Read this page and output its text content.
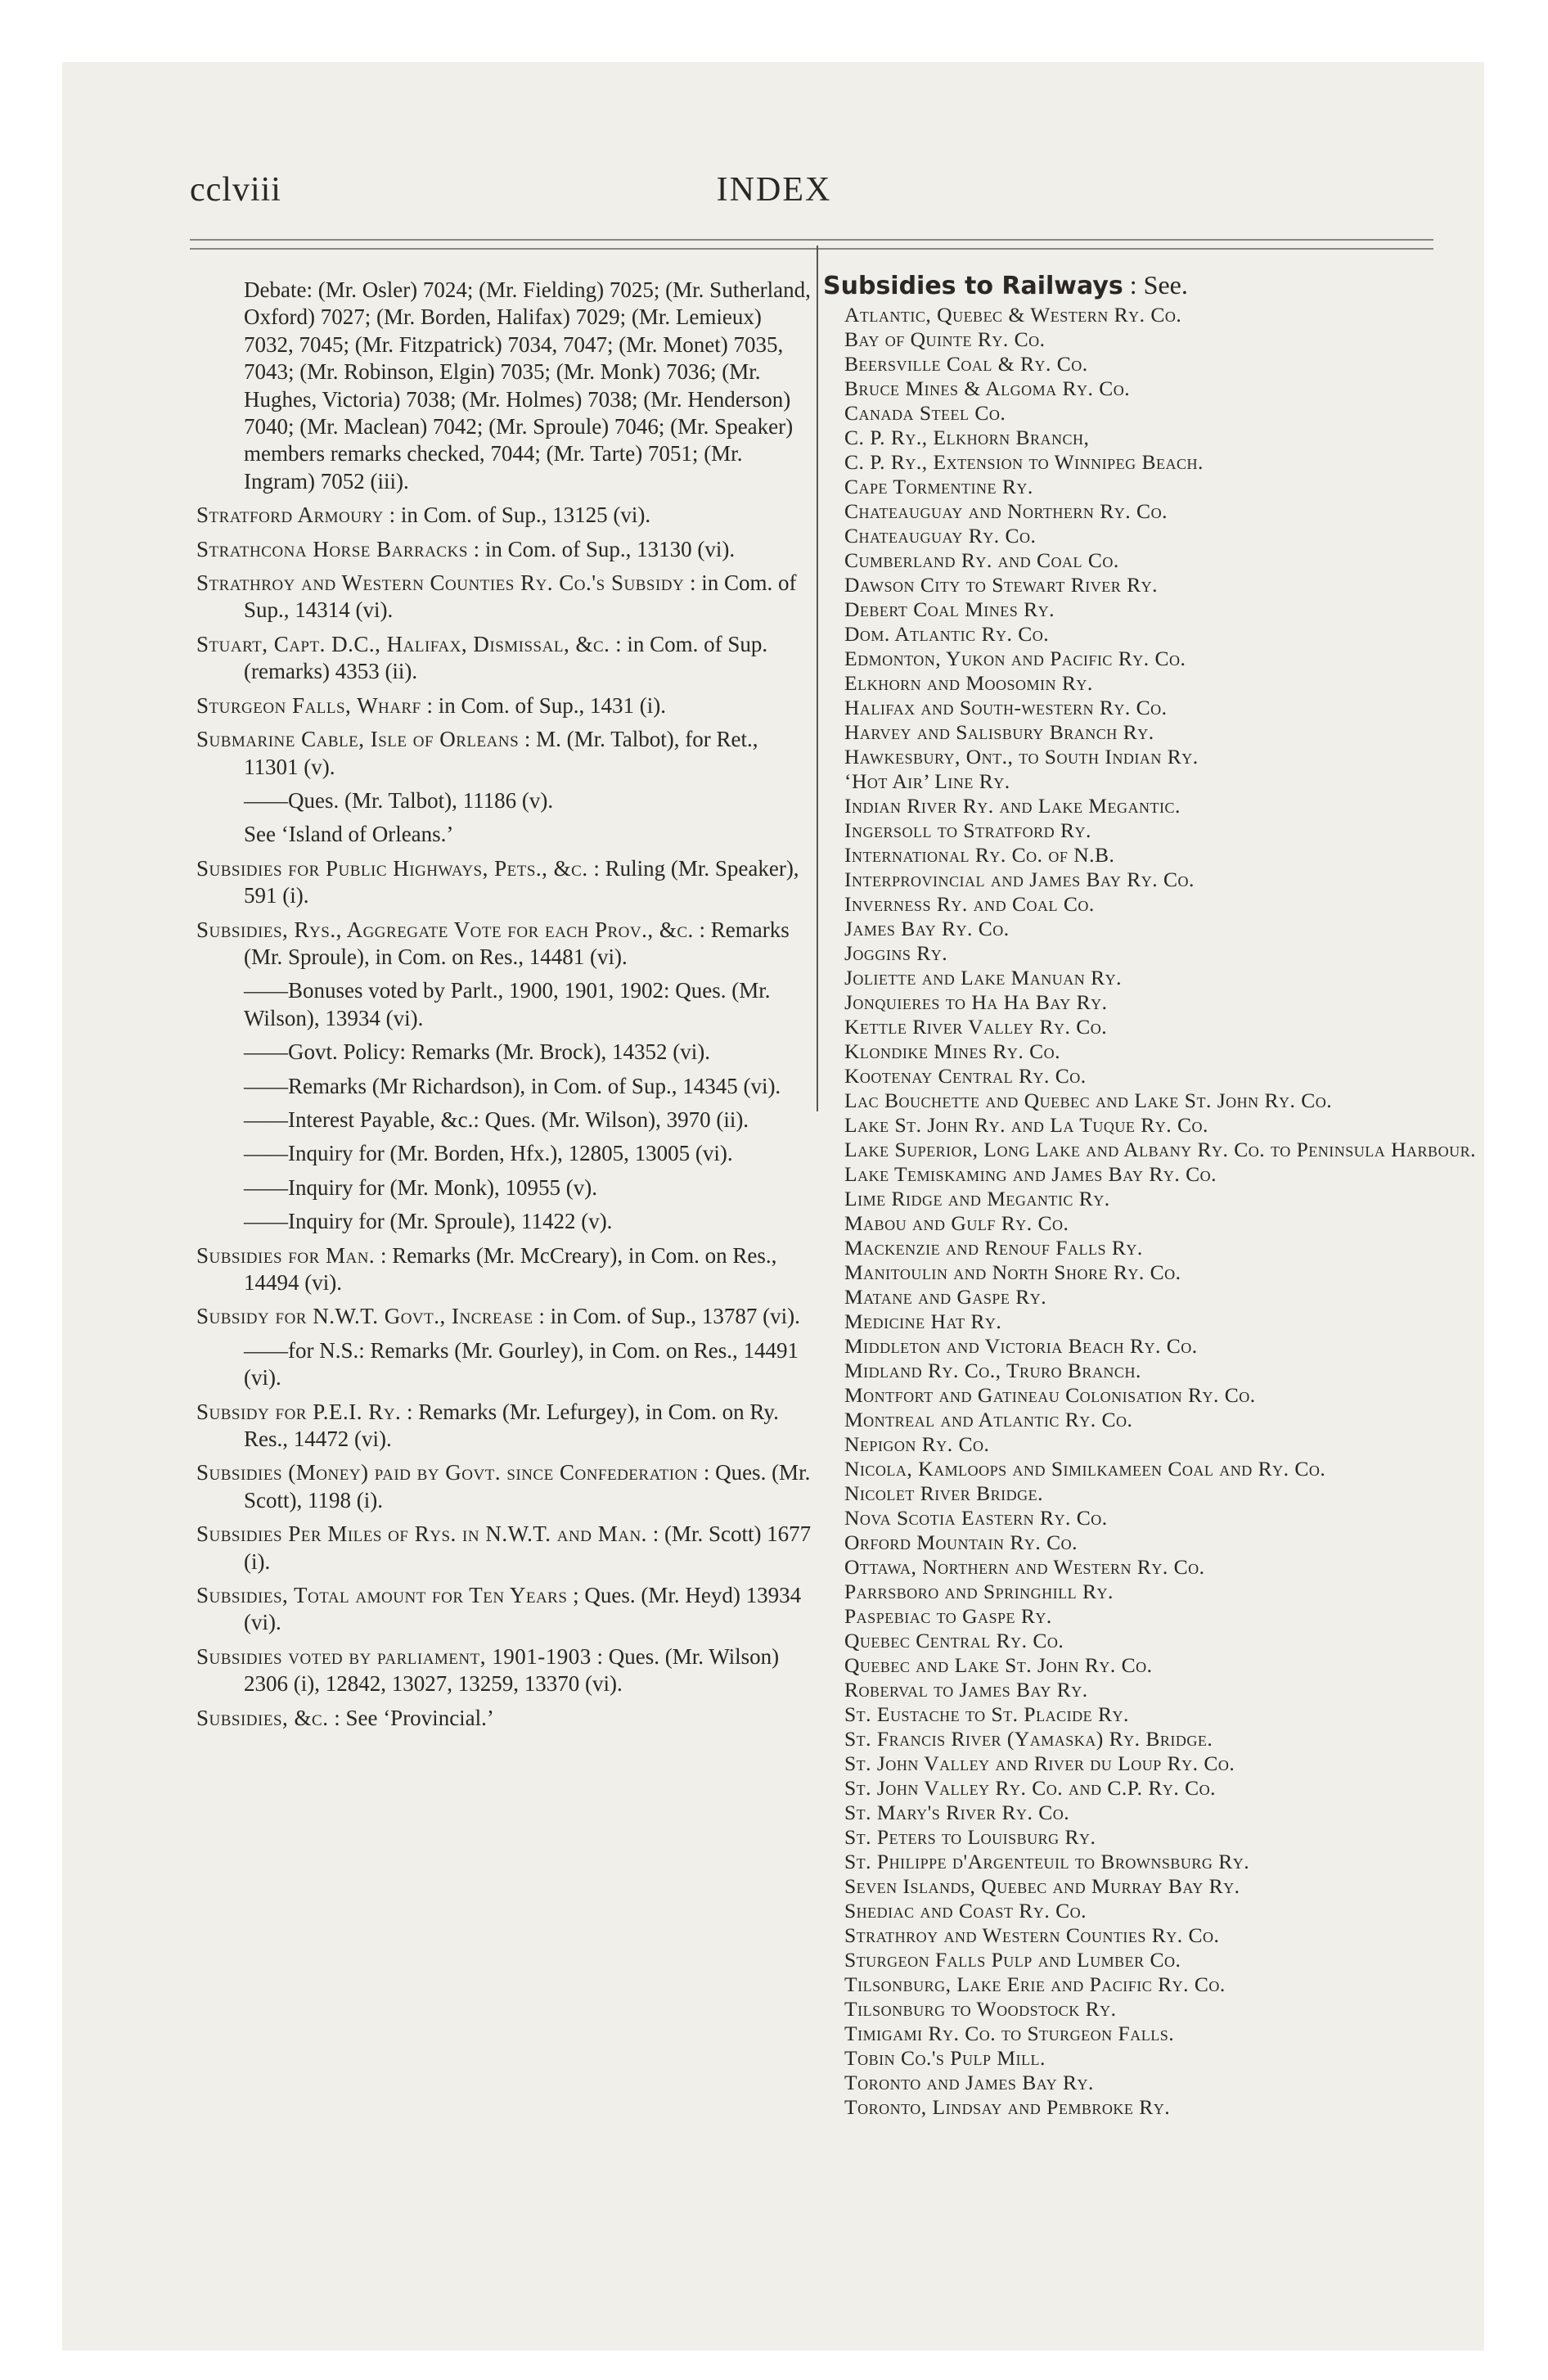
cclviii	INDEX
Debate: (Mr. Osler) 7024; (Mr. Fielding) 7025; (Mr. Sutherland, Oxford) 7027; (Mr. Borden, Halifax) 7029; (Mr. Lemieux) 7032, 7045; (Mr. Fitzpatrick) 7034, 7047; (Mr. Monet) 7035, 7043; (Mr. Robinson, Elgin) 7035; (Mr. Monk) 7036; (Mr. Hughes, Victoria) 7038; (Mr. Holmes) 7038; (Mr. Henderson) 7040; (Mr. Maclean) 7042; (Mr. Sproule) 7046; (Mr. Speaker) members remarks checked, 7044; (Mr. Tarte) 7051; (Mr. Ingram) 7052 (iii).
Stratford Armoury : in Com. of Sup., 13125 (vi).
Strathcona Horse Barracks : in Com. of Sup., 13130 (vi).
Strathroy and Western Counties Ry. Co.'s Subsidy : in Com. of Sup., 14314 (vi).
Stuart, Capt. D.C., Halifax, Dismissal, &c. : in Com. of Sup. (remarks) 4353 (ii).
Sturgeon Falls, Wharf : in Com. of Sup., 1431 (i).
Submarine Cable, Isle of Orleans : M. (Mr. Talbot), for Ret., 11301 (v).
——Ques. (Mr. Talbot), 11186 (v).
See ‘Island of Orleans.’
Subsidies for Public Highways, Pets., &c. : Ruling (Mr. Speaker), 591 (i).
Subsidies, Rys., Aggregate Vote for each Prov., &c. : Remarks (Mr. Sproule), in Com. on Res., 14481 (vi).
——Bonuses voted by Parlt., 1900, 1901, 1902: Ques. (Mr. Wilson), 13934 (vi).
——Govt. Policy: Remarks (Mr. Brock), 14352 (vi).
——Remarks (Mr Richardson), in Com. of Sup., 14345 (vi).
——Interest Payable, &c.: Ques. (Mr. Wilson), 3970 (ii).
——Inquiry for (Mr. Borden, Hfx.), 12805, 13005 (vi).
——Inquiry for (Mr. Monk), 10955 (v).
——Inquiry for (Mr. Sproule), 11422 (v).
Subsidies for Man. : Remarks (Mr. McCreary), in Com. on Res., 14494 (vi).
Subsidy for N.W.T. Govt., Increase : in Com. of Sup., 13787 (vi).
——for N.S.: Remarks (Mr. Gourley), in Com. on Res., 14491 (vi).
Subsidy for P.E.I. Ry. : Remarks (Mr. Lefurgey), in Com. on Ry. Res., 14472 (vi).
Subsidies (Money) paid by Govt. since Confederation : Ques. (Mr. Scott), 1198 (i).
Subsidies Per Miles of Rys. in N.W.T. and Man. : (Mr. Scott) 1677 (i).
Subsidies, Total amount for Ten Years ; Ques. (Mr. Heyd) 13934 (vi).
Subsidies voted by parliament, 1901-1903 : Ques. (Mr. Wilson) 2306 (i), 12842, 13027, 13259, 13370 (vi).
Subsidies, &c. : See ‘Provincial.’
Subsidies to Railways : See.
Atlantic, Quebec & Western Ry. Co.
Bay of Quinte Ry. Co.
Beersville Coal & Ry. Co.
Bruce Mines & Algoma Ry. Co.
Canada Steel Co.
C. P. Ry., Elkhorn Branch,
C. P. Ry., Extension to Winnipeg Beach.
Cape Tormentine Ry.
Chateauguay and Northern Ry. Co.
Chateauguay Ry. Co.
Cumberland Ry. and Coal Co.
Dawson City to Stewart River Ry.
Debert Coal Mines Ry.
Dom. Atlantic Ry. Co.
Edmonton, Yukon and Pacific Ry. Co.
Elkhorn and Moosomin Ry.
Halifax and South-western Ry. Co.
Harvey and Salisbury Branch Ry.
Hawkesbury, Ont., to South Indian Ry.
‘Hot Air’ Line Ry.
Indian River Ry. and Lake Megantic.
Ingersoll to Stratford Ry.
International Ry. Co. of N.B.
Interprovincial and James Bay Ry. Co.
Inverness Ry. and Coal Co.
James Bay Ry. Co.
Joggins Ry.
Joliette and Lake Manuan Ry.
Jonquieres to Ha Ha Bay Ry.
Kettle River Valley Ry. Co.
Klondike Mines Ry. Co.
Kootenay Central Ry. Co.
Lac Bouchette and Quebec and Lake St. John Ry. Co.
Lake St. John Ry. and La Tuque Ry. Co.
Lake Superior, Long Lake and Albany Ry. Co. to Peninsula Harbour.
Lake Temiskaming and James Bay Ry. Co.
Lime Ridge and Megantic Ry.
Mabou and Gulf Ry. Co.
Mackenzie and Renouf Falls Ry.
Manitoulin and North Shore Ry. Co.
Matane and Gaspe Ry.
Medicine Hat Ry.
Middleton and Victoria Beach Ry. Co.
Midland Ry. Co., Truro Branch.
Montfort and Gatineau Colonisation Ry. Co.
Montreal and Atlantic Ry. Co.
Nepigon Ry. Co.
Nicola, Kamloops and Similkameen Coal and Ry. Co.
Nicolet River Bridge.
Nova Scotia Eastern Ry. Co.
Orford Mountain Ry. Co.
Ottawa, Northern and Western Ry. Co.
Parrsboro and Springhill Ry.
Paspebiac to Gaspe Ry.
Quebec Central Ry. Co.
Quebec and Lake St. John Ry. Co.
Roberval to James Bay Ry.
St. Eustache to St. Placide Ry.
St. Francis River (Yamaska) Ry. Bridge.
St. John Valley and River du Loup Ry. Co.
St. John Valley Ry. Co. and C.P. Ry. Co.
St. Mary's River Ry. Co.
St. Peters to Louisburg Ry.
St. Philippe d'Argenteuil to Brownsburg Ry.
Seven Islands, Quebec and Murray Bay Ry.
Shediac and Coast Ry. Co.
Strathroy and Western Counties Ry. Co.
Sturgeon Falls Pulp and Lumber Co.
Tilsonburg, Lake Erie and Pacific Ry. Co.
Tilsonburg to Woodstock Ry.
Timigami Ry. Co. to Sturgeon Falls.
Tobin Co.'s Pulp Mill.
Toronto and James Bay Ry.
Toronto, Lindsay and Pembroke Ry.
